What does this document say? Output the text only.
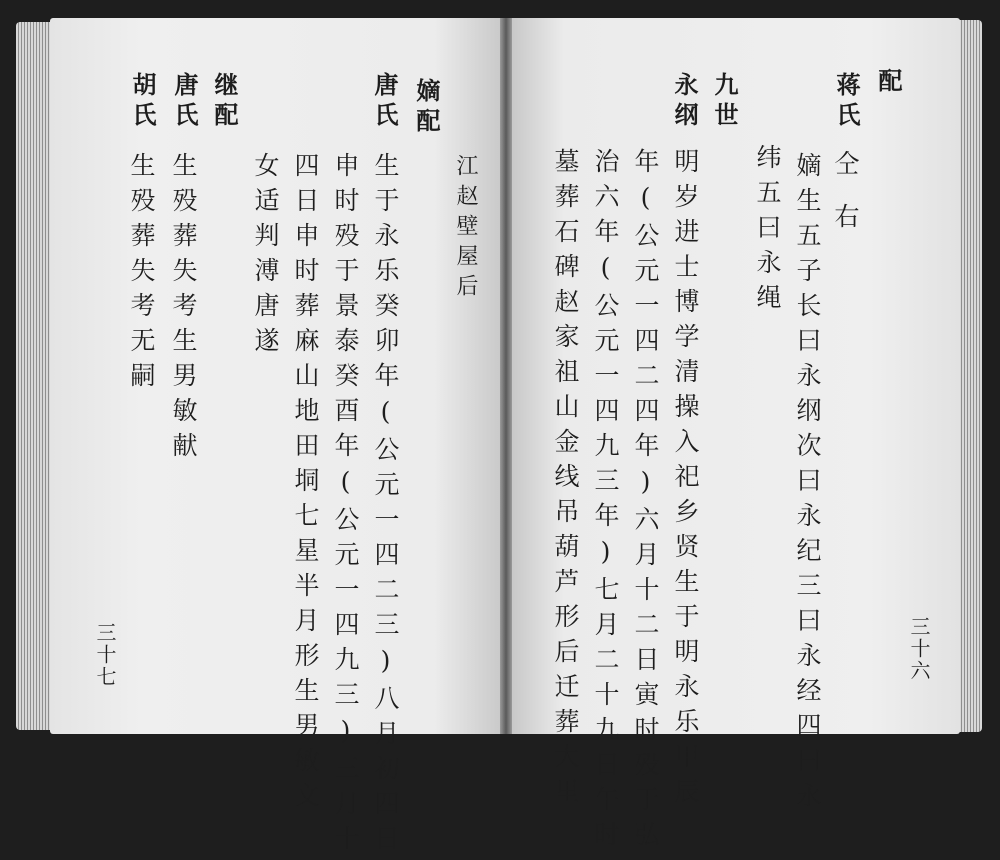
胡氏 唐氏 继配	唐氏 嫡配
生殁葬失考无嗣 生殁葬失考生男敏献 女适判溥唐遂 四日申时葬麻山地田垌七星半月形生男敏文 申时殁于景泰癸酉年(公元一四九三)三月十 生于永乐癸卯年(公元一四二三)八月初四日 江赵壁屋后
三十七
配
蒋氏
九世
永纲
嫡生五子长曰永纲次曰永纪三曰永经四曰永
纬五曰永绳
明岁进士博学清操入祀乡贤生于明永乐甲辰
年(公元一四二四年)六月十二日寅时殁于弘
治六年(公元一四九三年)七月二十九日午时
墓葬石碑赵家祖山金线吊葫芦形后迁葬大里	仝右
三十六
